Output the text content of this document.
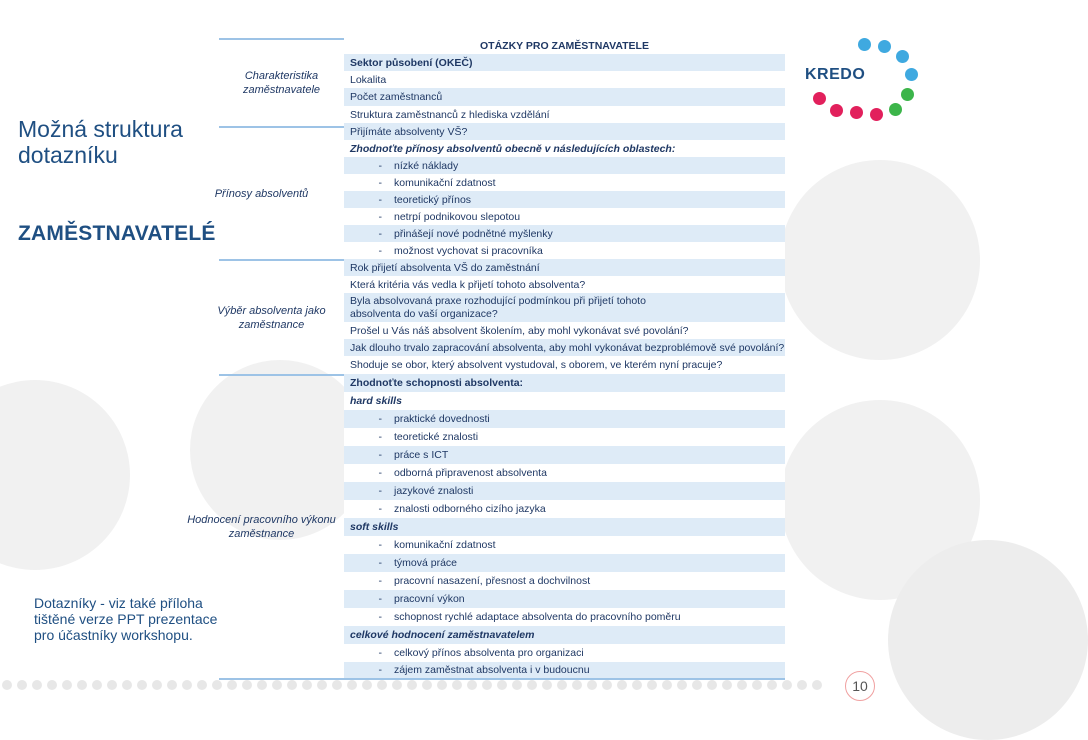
Možná struktura dotazníku
ZAMĚSTNAVATELÉ
Dotazníky - viz také příloha tištěné verze PPT prezentace pro účastníky workshopu.
KREDO
Charakteristika zaměstnavatele
Přínosy absolventů
Výběr absolventa jako zaměstnance
Hodnocení pracovního výkonu zaměstnance
OTÁZKY PRO ZAMĚSTNAVATELE
Sektor působení (OKEČ)
Lokalita
Počet zaměstnanců
Struktura zaměstnanců z hlediska vzdělání
Přijímáte absolventy VŠ?
Zhodnoťte přínosy absolventů obecně v následujících oblastech:
-	nízké náklady
-	komunikační zdatnost
-	teoretický přínos
-	netrpí podnikovou slepotou
-	přinášejí nové podnětné myšlenky
-	možnost vychovat si pracovníka
Rok přijetí absolventa VŠ do zaměstnání
Která kritéria vás vedla k přijetí tohoto absolventa?
Byla absolvovaná praxe rozhodující podmínkou při přijetí tohoto absolventa do vaší organizace?
Prošel u Vás náš absolvent školením, aby mohl vykonávat své povolání?
Jak dlouho trvalo zapracování absolventa, aby mohl vykonávat bezproblémově své povolání?
Shoduje se obor, který absolvent vystudoval, s oborem, ve kterém nyní pracuje?
Zhodnoťte schopnosti absolventa:
hard skills
-	praktické dovednosti
-	teoretické znalosti
-	práce s ICT
-	odborná připravenost absolventa
-	jazykové znalosti
-	znalosti odborného cizího jazyka
soft skills
-	komunikační zdatnost
-	týmová práce
-	pracovní nasazení, přesnost a dochvilnost
-	pracovní výkon
-	schopnost rychlé adaptace absolventa do pracovního poměru
celkové hodnocení zaměstnavatelem
-	celkový přínos absolventa pro organizaci
-	zájem zaměstnat absolventa i v budoucnu
10
